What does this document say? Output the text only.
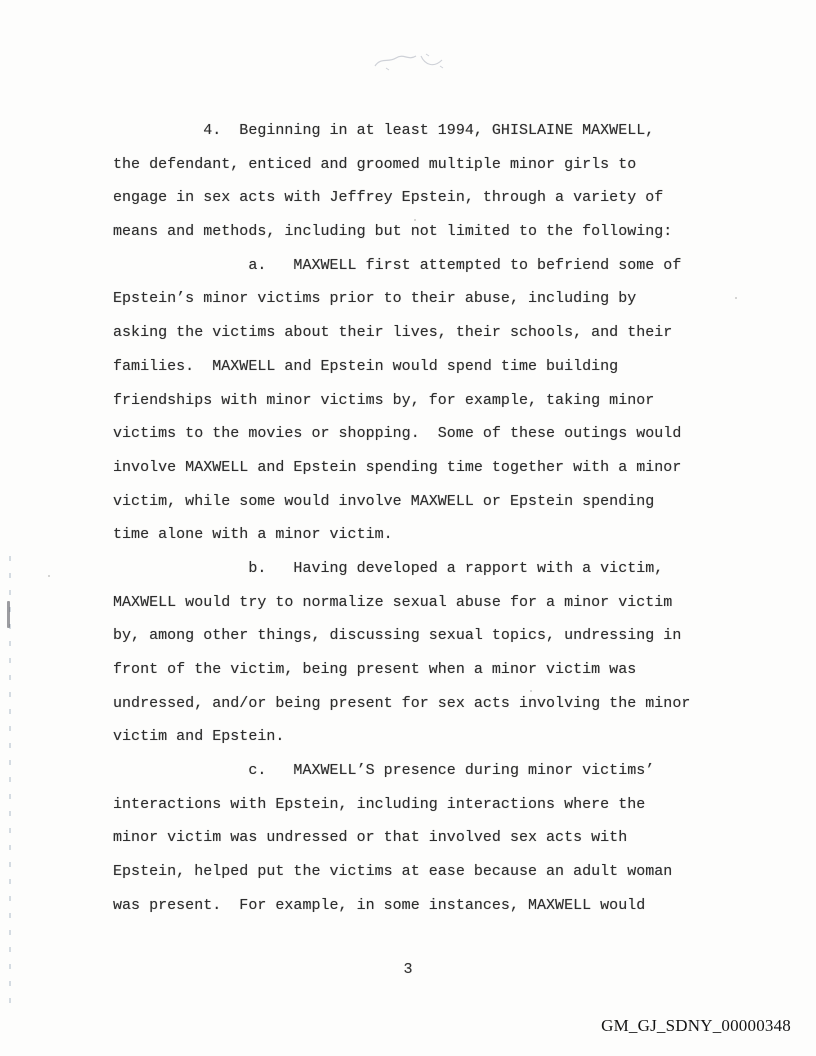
4.  Beginning in at least 1994, GHISLAINE MAXWELL,
the defendant, enticed and groomed multiple minor girls to
engage in sex acts with Jeffrey Epstein, through a variety of
means and methods, including but not limited to the following:
a.   MAXWELL first attempted to befriend some of
Epstein’s minor victims prior to their abuse, including by
asking the victims about their lives, their schools, and their
families.  MAXWELL and Epstein would spend time building
friendships with minor victims by, for example, taking minor
victims to the movies or shopping.  Some of these outings would
involve MAXWELL and Epstein spending time together with a minor
victim, while some would involve MAXWELL or Epstein spending
time alone with a minor victim.
b.   Having developed a rapport with a victim,
MAXWELL would try to normalize sexual abuse for a minor victim
by, among other things, discussing sexual topics, undressing in
front of the victim, being present when a minor victim was
undressed, and/or being present for sex acts involving the minor
victim and Epstein.
c.   MAXWELL’S presence during minor victims’
interactions with Epstein, including interactions where the
minor victim was undressed or that involved sex acts with
Epstein, helped put the victims at ease because an adult woman
was present.  For example, in some instances, MAXWELL would
3
GM_GJ_SDNY_00000348
